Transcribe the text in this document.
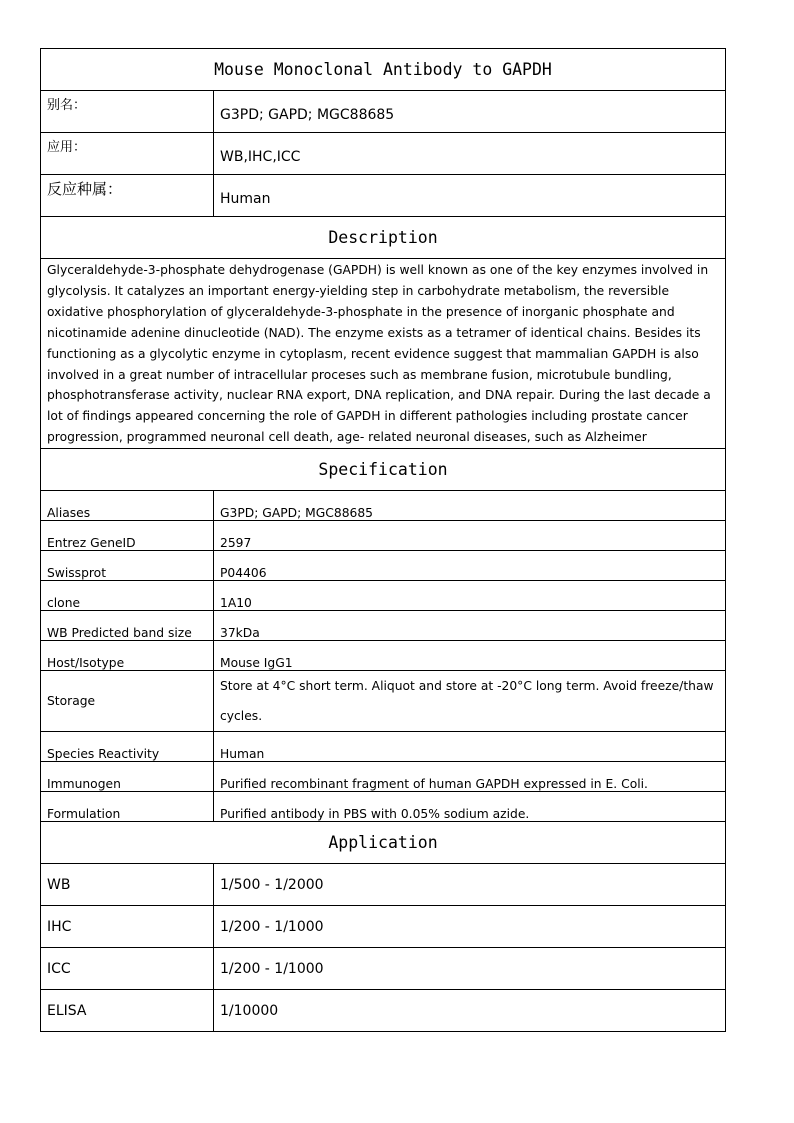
Mouse Monoclonal Antibody to GAPDH	
别名：	G3PD; GAPD; MGC88685
应用：	WB,IHC,ICC
反应种属：	Human
Description	
Glyceraldehyde-3-phosphate dehydrogenase (GAPDH) is well known as one of the key enzymes involved in glycolysis. It catalyzes an important energy-yielding step in carbohydrate metabolism, the reversible oxidative phosphorylation of glyceraldehyde-3-phosphate in the presence of inorganic phosphate and nicotinamide adenine dinucleotide (NAD). The enzyme exists as a tetramer of identical chains. Besides its functioning as a glycolytic enzyme in cytoplasm, recent evidence suggest that mammalian GAPDH is also involved in a great number of intracellular proceses such as membrane fusion, microtubule bundling, phosphotransferase activity, nuclear RNA export, DNA replication, and DNA repair. During the last decade a lot of findings appeared concerning the role of GAPDH in different pathologies including prostate cancer progression, programmed neuronal cell death, age- related neuronal diseases, such as Alzheimer	
Specification	
Aliases	G3PD; GAPD; MGC88685
Entrez GeneID	2597
Swissprot	P04406
clone	1A10
WB Predicted band size	37kDa
Host/Isotype	Mouse IgG1
Storage	Store at 4°C short term. Aliquot and store at -20°C long term. Avoid freeze/thaw cycles.
Species Reactivity	Human
Immunogen	Purified recombinant fragment of human GAPDH expressed in E. Coli.
Formulation	Purified antibody in PBS with 0.05% sodium azide.
Application	
WB	1/500 - 1/2000
IHC	1/200 - 1/1000
ICC	1/200 - 1/1000
ELISA	1/10000
